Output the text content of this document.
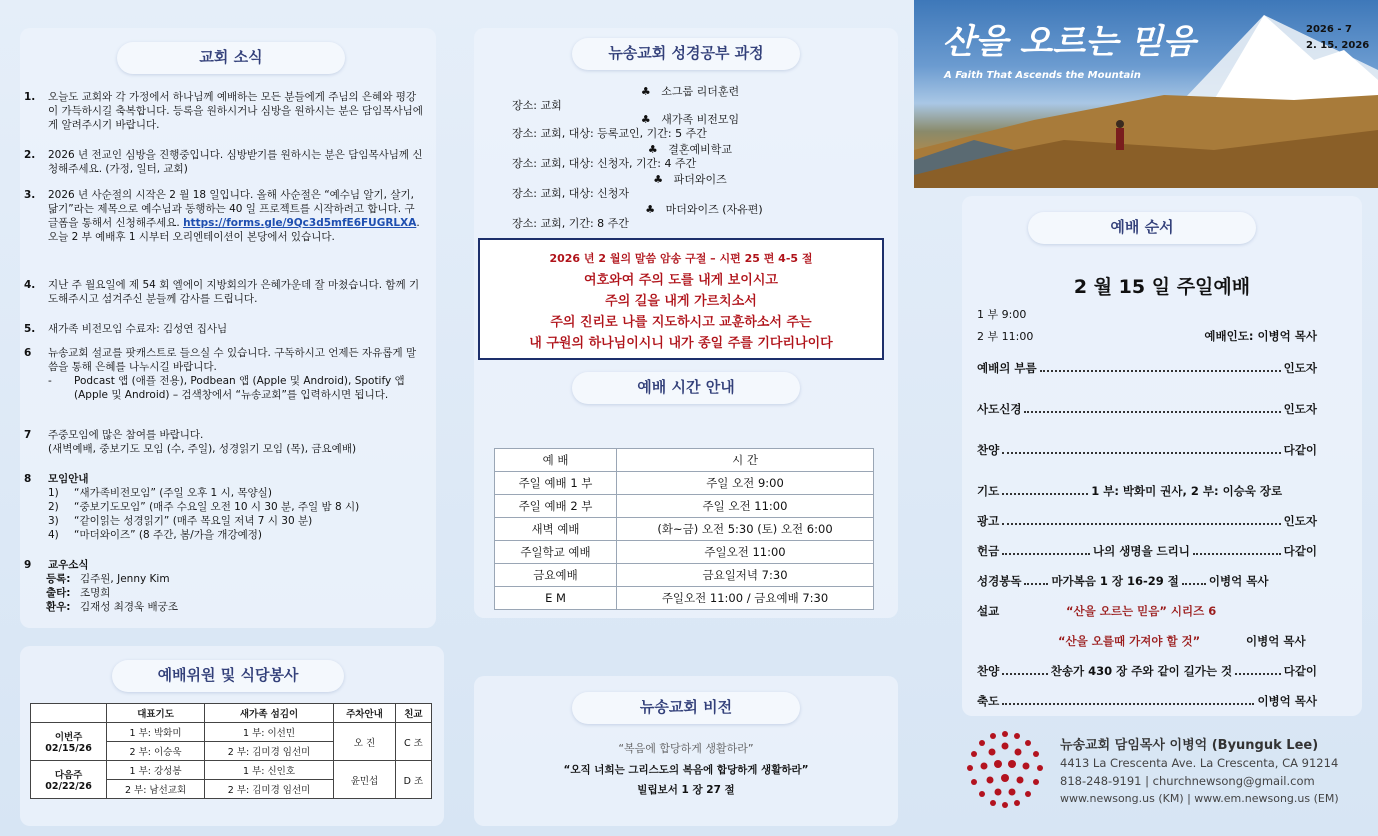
교회 소식
1.	오늘도 교회와 각 가정에서 하나님께 예배하는 모든 분들에게 주님의 은혜와 평강이 가득하시길 축복합니다. 등록을 원하시거나 심방을 원하시는 분은 담임목사님에게 알려주시기 바랍니다.
2.	2026 년 전교인 심방을 진행중입니다. 심방받기를 원하시는 분은 담임목사님께 신청해주세요. (가정, 일터, 교회)
3.	2026 년 사순절의 시작은 2 월 18 일입니다. 올해 사순절은 “예수님 알기, 살기, 닮기”라는 제목으로 예수님과 동행하는 40 일 프로젝트를 시작하려고 합니다. 구글폼을 통해서 신청해주세요. https://forms.gle/9Qc3d5mfE6FUGRLXA. 오늘 2 부 예배후 1 시부터 오리엔테이션이 본당에서 있습니다.
4.	지난 주 월요일에 제 54 회 엘에이 지방회의가 은혜가운데 잘 마쳤습니다. 함께 기도해주시고 섬겨주신 분들께 감사를 드립니다.
5.	새가족 비전모임 수료자: 김성연 집사님
6	뉴송교회 설교를 팟캐스트로 들으실 수 있습니다. 구독하시고 언제든 자유롭게 말씀을 통해 은혜를 나누시길 바랍니다.
-	Podcast 앱 (애플 전용), Podbean 앱 (Apple 및 Android), Spotify 앱 (Apple 및 Android) – 검색창에서 “뉴송교회”를 입력하시면 됩니다.
7	주중모임에 많은 참여를 바랍니다.
(새벽예배, 중보기도 모임 (수, 주일), 성경읽기 모임 (목), 금요예배)
8	모임안내
1)	“새가족비전모임” (주일 오후 1 시, 목양실)
2)	“중보기도모임” (매주 수요일 오전 10 시 30 분, 주일 밤 8 시)
3)	“같이읽는 성경읽기” (매주 목요일 저녁 7 시 30 분)
4)	“마더와이즈” (8 주간, 봄/가을 개강예정)
9	교우소식
등록: 김주원, Jenny Kim
출타: 조명희
환우: 김재성 최경욱 배궁조
예배위원 및 식당봉사
	대표기도	새가족 섬김이	주차안내	친교

이번주
02/15/26	1 부: 박화미	1 부: 이선민	오 진	C 조
	2 부: 이승욱	2 부: 김미경 임선미		

다음주
02/22/26	1 부: 강성봉	1 부: 신인호	윤민섭	D 조
	2 부: 남선교회	2 부: 김미경 임선미		
뉴송교회 성경공부 과정
♣ 소그룹 리더훈련
장소: 교회
♣ 새가족 비전모임
장소: 교회, 대상: 등록교인, 기간: 5 주간
♣ 결혼예비학교
장소: 교회, 대상: 신청자, 기간: 4 주간
♣ 파더와이즈
장소: 교회, 대상: 신청자
♣ 마더와이즈 (자유편)
장소: 교회, 기간: 8 주간
2026 년 2 월의 말씀 암송 구절 – 시편 25 편 4-5 절
여호와여 주의 도를 내게 보이시고
주의 길을 내게 가르치소서
주의 진리로 나를 지도하시고 교훈하소서 주는
내 구원의 하나님이시니 내가 종일 주를 기다리나이다
예배 시간 안내
예 배	시 간
주일 예배 1 부	주일 오전 9:00
주일 예배 2 부	주일 오전 11:00
새벽 예배	(화~금) 오전 5:30 (토) 오전 6:00
주일학교 예배	주일오전 11:00
금요예배	금요일저녁 7:30
E M	주일오전 11:00 / 금요예배 7:30
뉴송교회 비전
“복음에 합당하게 생활하라”
“오직 너희는 그리스도의 복음에 합당하게 생활하라”
빌립보서 1 장 27 절
산을 오르는 믿음
A Faith That Ascends the Mountain
2026 - 7
2. 15. 2026
예배 순서
2 월 15 일 주일예배
1 부 9:00
2 부 11:00	예배인도: 이병억 목사
예배의 부름	인도자
사도신경	인도자
찬양	다같이
기도	1 부: 박화미 권사, 2 부: 이승욱 장로
광고	인도자
헌금	나의 생명을 드리니	다같이
성경봉독	마가복음 1 장 16-29 절	이병억 목사
설교	“산을 오르는 믿음” 시리즈 6
“산을 오를때 가져야 할 것”	이병억 목사
찬양	찬송가 430 장 주와 같이 길가는 것	다같이
축도	이병억 목사
뉴송교회 담임목사 이병억 (Byunguk Lee)
4413 La Crescenta Ave. La Crescenta, CA 91214
818-248-9191 | churchnewsong@gmail.com
www.newsong.us (KM) | www.em.newsong.us (EM)
